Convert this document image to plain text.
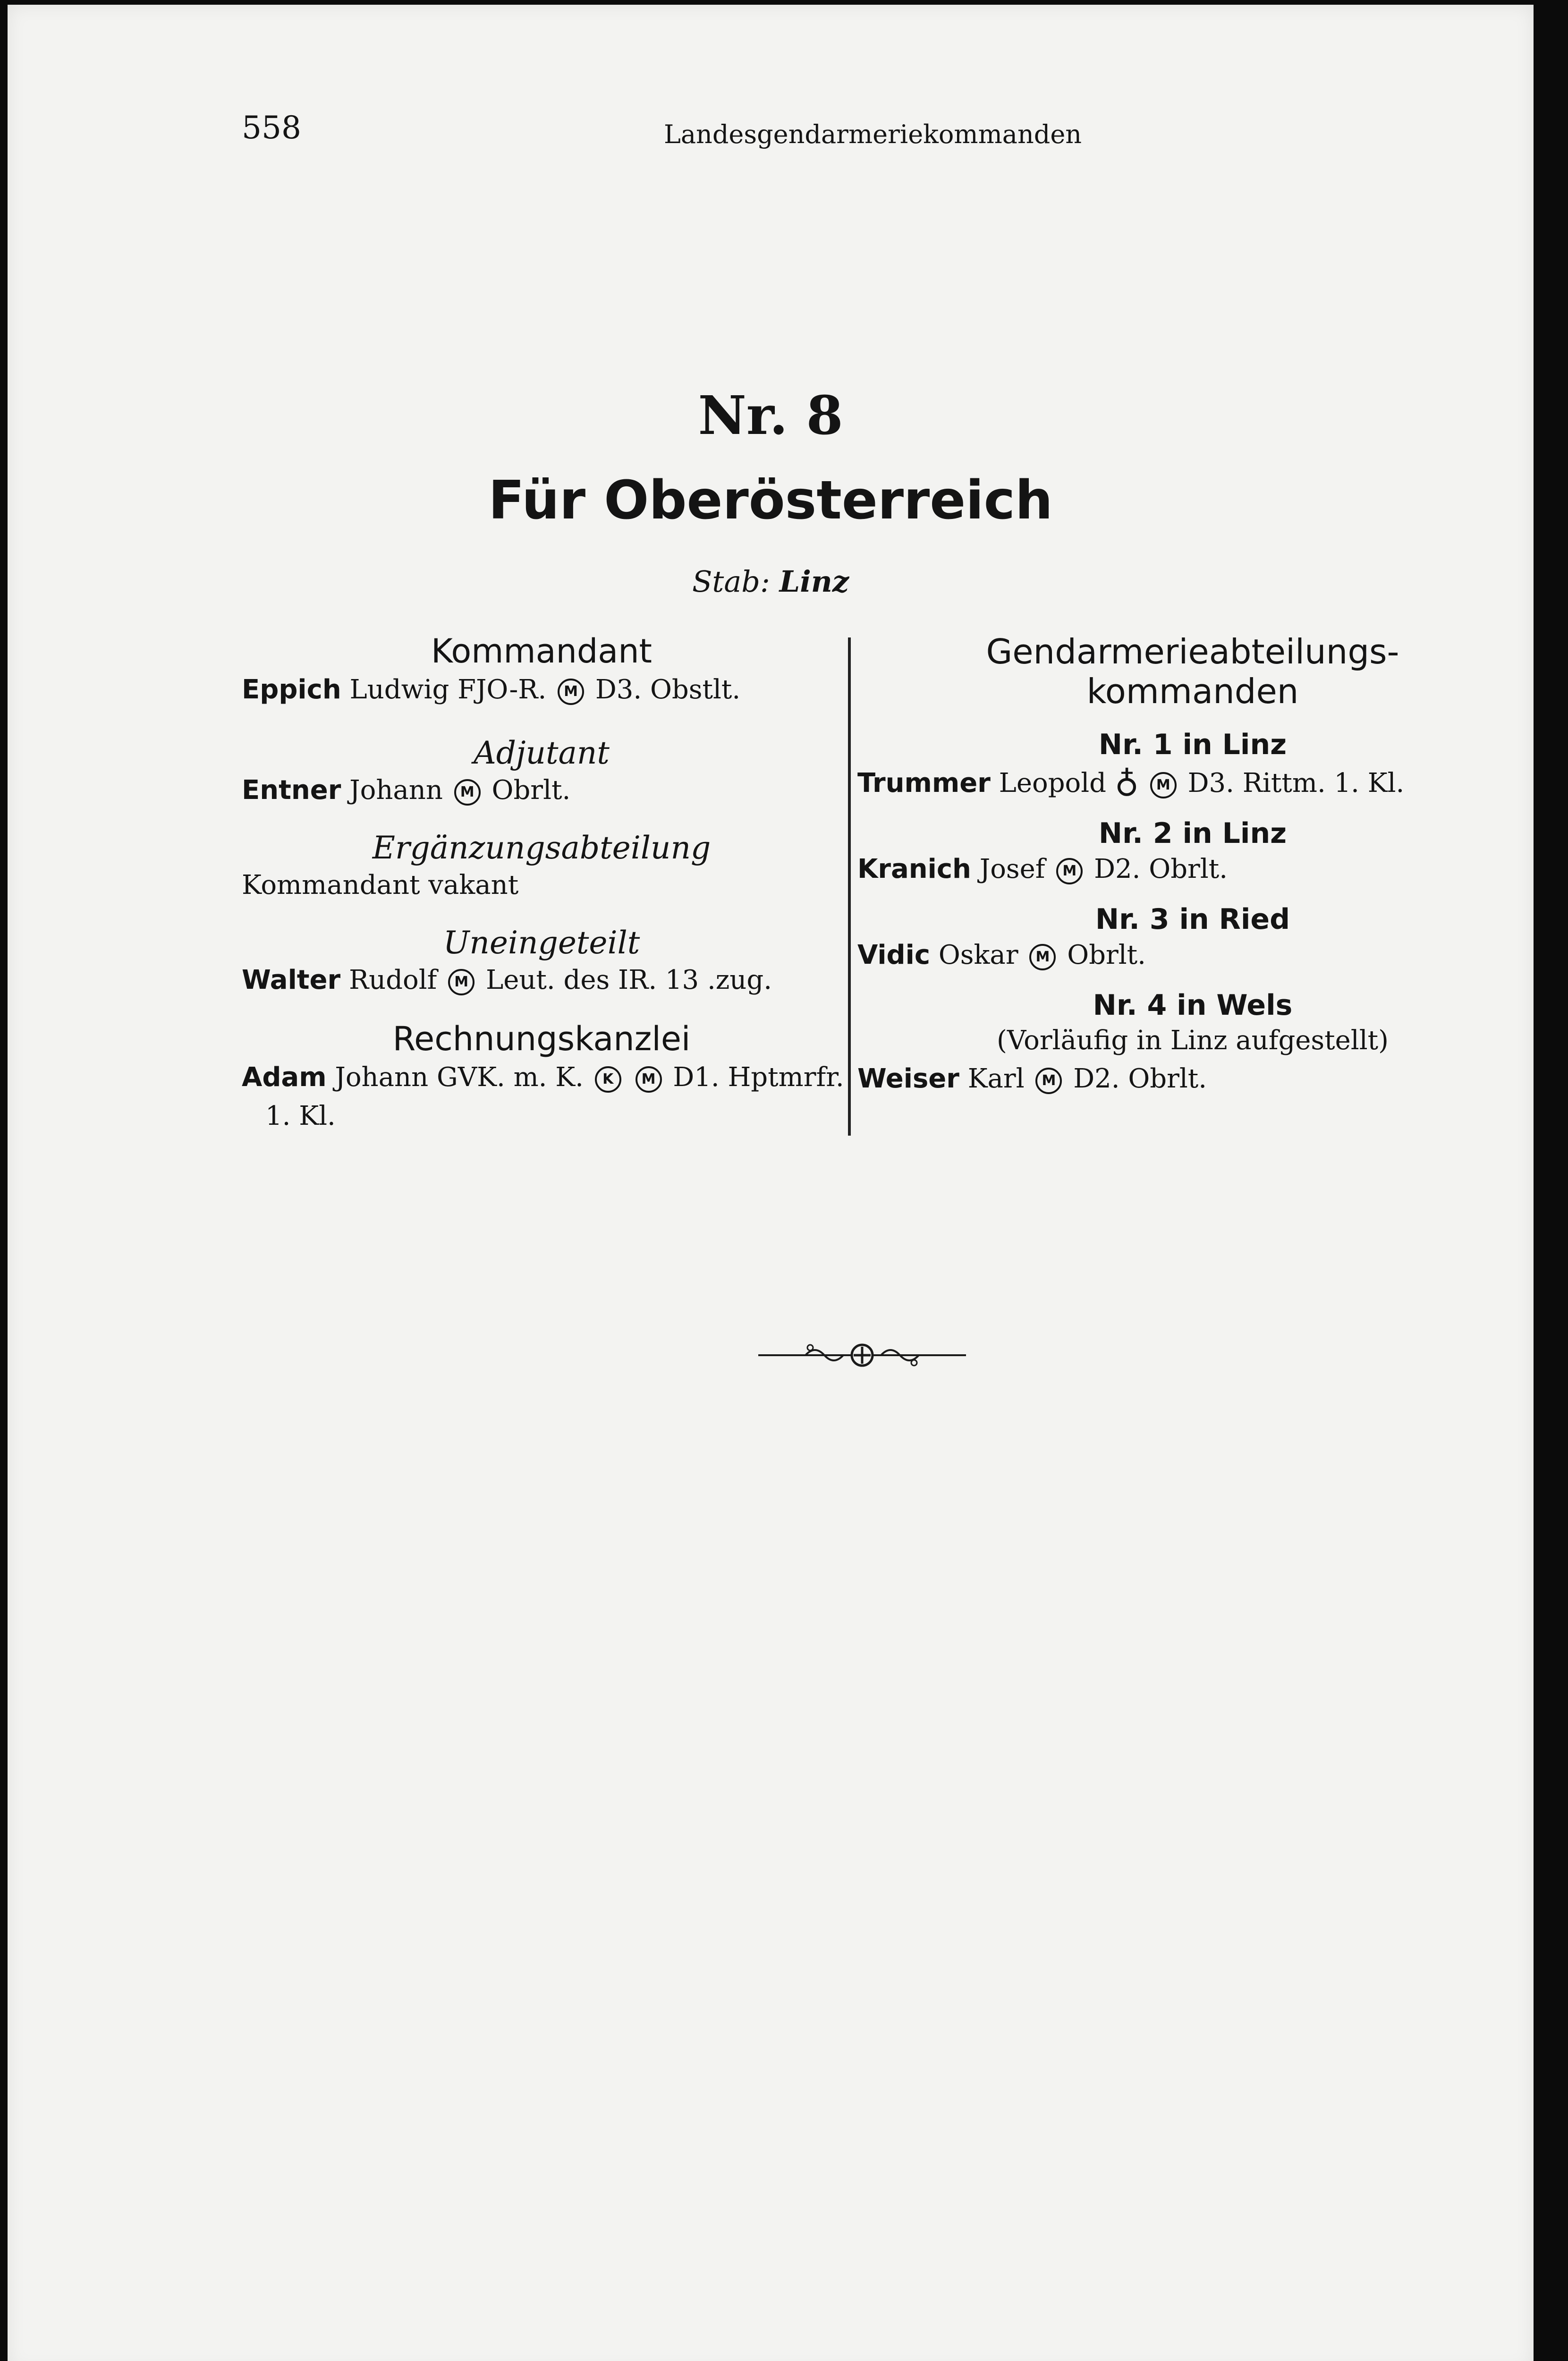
558	Landesgendarmeriekommanden
Nr. 8
Für Oberösterreich
Stab: Linz
Kommandant
Eppich Ludwig FJO-R. M D3. Obstlt.
Adjutant
Entner Johann M Obrlt.
Ergänzungsabteilung
Kommandant vakant
Uneingeteilt
Walter Rudolf M Leut. des IR. 13 .zug.
Rechnungskanzlei
Adam Johann GVK. m. K. K M D1. Hptmrfr.
1. Kl.
Gendarmerieabteilungs-
kommanden
Nr. 1 in Linz
Trummer Leopold ♁ M D3. Rittm. 1. Kl.
Nr. 2 in Linz
Kranich Josef M D2. Obrlt.
Nr. 3 in Ried
Vidic Oskar M Obrlt.
Nr. 4 in Wels
(Vorläufig in Linz aufgestellt)
Weiser Karl M D2. Obrlt.
